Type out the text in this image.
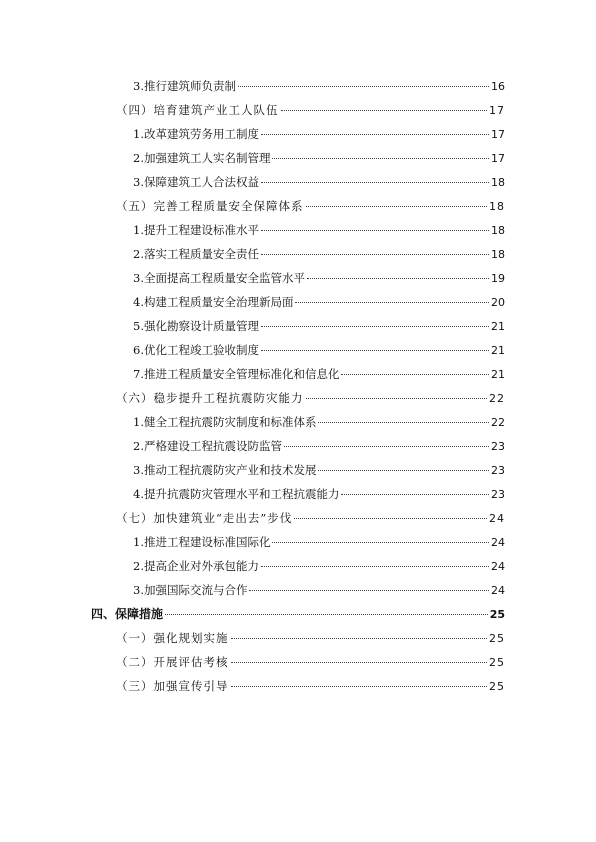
3.推行建筑师负责制	16
（四）培育建筑产业工人队伍	17
1.改革建筑劳务用工制度	17
2.加强建筑工人实名制管理	17
3.保障建筑工人合法权益	18
（五）完善工程质量安全保障体系	18
1.提升工程建设标准水平	18
2.落实工程质量安全责任	18
3.全面提高工程质量安全监管水平	19
4.构建工程质量安全治理新局面	20
5.强化勘察设计质量管理	21
6.优化工程竣工验收制度	21
7.推进工程质量安全管理标准化和信息化	21
（六）稳步提升工程抗震防灾能力	22
1.健全工程抗震防灾制度和标准体系	22
2.严格建设工程抗震设防监管	23
3.推动工程抗震防灾产业和技术发展	23
4.提升抗震防灾管理水平和工程抗震能力	23
（七）加快建筑业“走出去”步伐	24
1.推进工程建设标准国际化	24
2.提高企业对外承包能力	24
3.加强国际交流与合作	24
四、保障措施	25
（一）强化规划实施	25
（二）开展评估考核	25
（三）加强宣传引导	25
